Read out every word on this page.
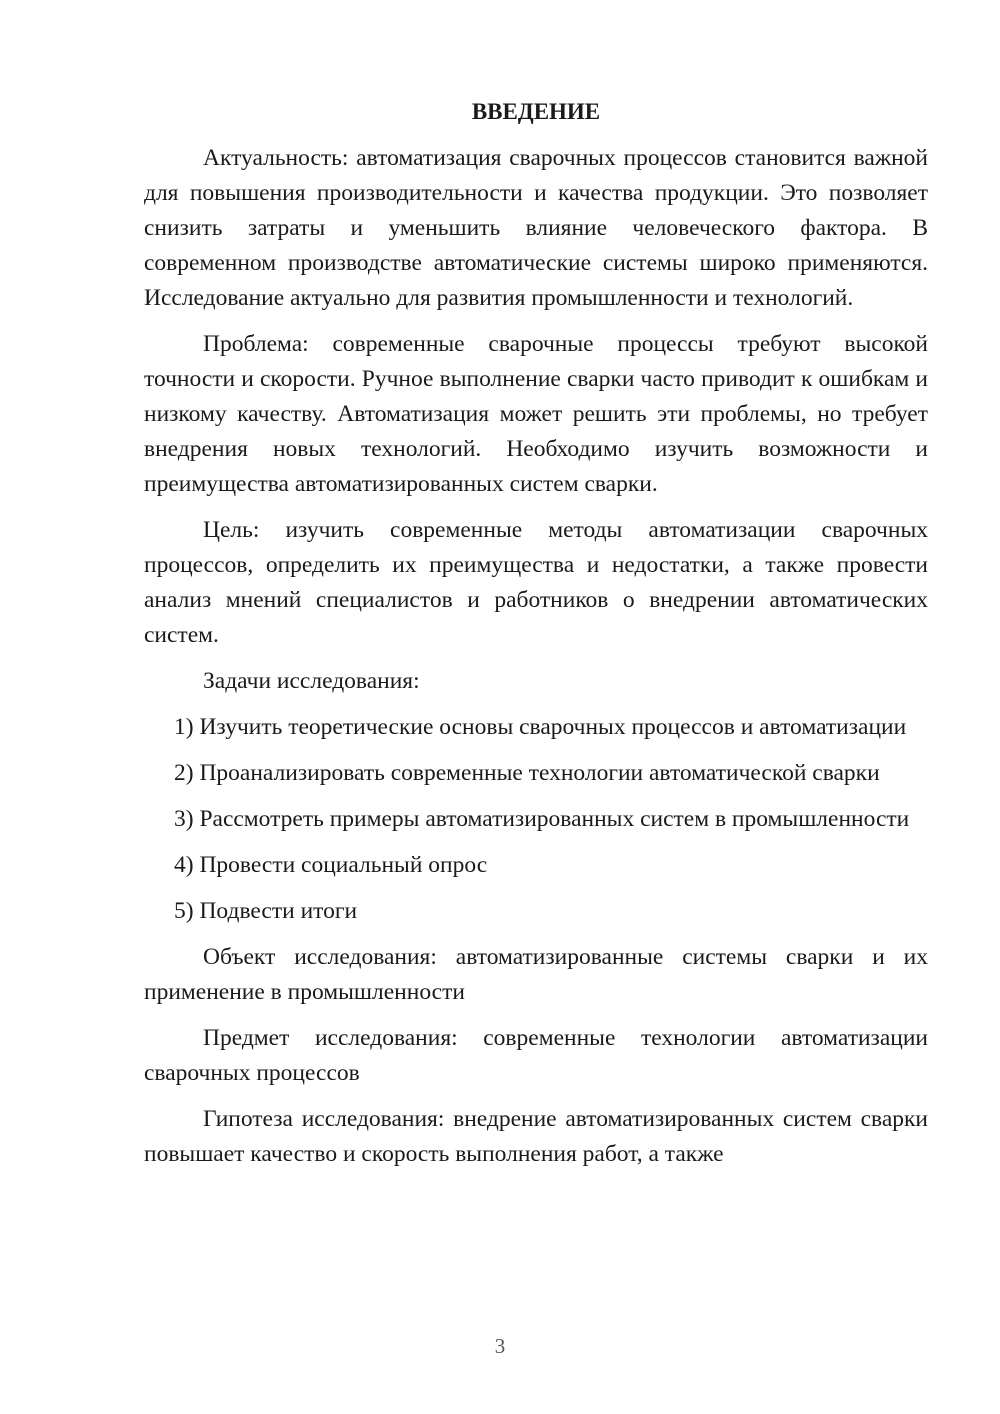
ВВЕДЕНИЕ

Актуальность: автоматизация сварочных процессов становится важной для повышения производительности и качества продукции. Это позволяет снизить затраты и уменьшить влияние человеческого фактора. В современном производстве автоматические системы широко применяются. Исследование актуально для развития промышленности и технологий.

Проблема: современные сварочные процессы требуют высокой точности и скорости. Ручное выполнение сварки часто приводит к ошибкам и низкому качеству. Автоматизация может решить эти проблемы, но требует внедрения новых технологий. Необходимо изучить возможности и преимущества автоматизированных систем сварки.

Цель: изучить современные методы автоматизации сварочных процессов, определить их преимущества и недостатки, а также провести анализ мнений специалистов и работников о внедрении автоматических систем.

Задачи исследования:

1) Изучить теоретические основы сварочных процессов и автоматизации

2) Проанализировать современные технологии автоматической сварки

3) Рассмотреть примеры автоматизированных систем в промышленности

4) Провести социальный опрос

5) Подвести итоги

Объект исследования: автоматизированные системы сварки и их применение в промышленности

Предмет исследования: современные технологии автоматизации сварочных процессов

Гипотеза исследования: внедрение автоматизированных систем сварки повышает качество и скорость выполнения работ, а также

3
